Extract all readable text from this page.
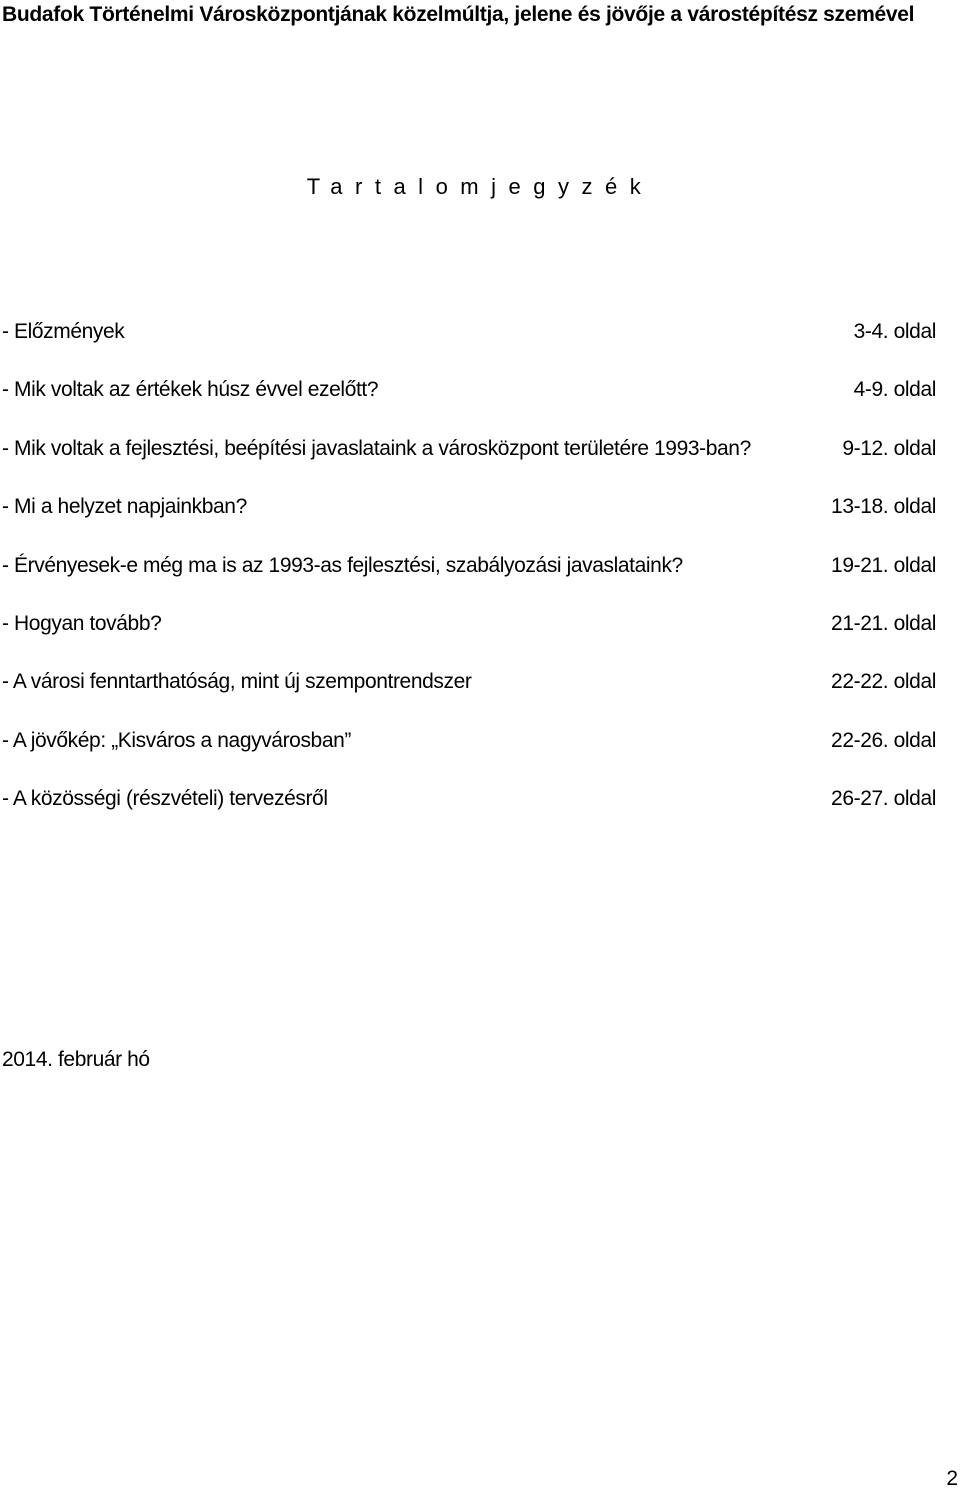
Budafok Történelmi Városközpontjának közelmúltja, jelene és jövője a várostépítész szemével
Tartalomjegyzék
- Előzmények	3-4. oldal
- Mik voltak az értékek húsz évvel ezelőtt?	4-9. oldal
- Mik voltak a fejlesztési, beépítési javaslataink a városközpont területére 1993-ban?	9-12. oldal
- Mi a helyzet napjainkban?	13-18. oldal
- Érvényesek-e még ma is az 1993-as fejlesztési, szabályozási javaslataink?	19-21. oldal
- Hogyan tovább?	21-21. oldal
- A városi fenntarthatóság, mint új szempontrendszer	22-22. oldal
- A jövőkép: „Kisváros a nagyvárosban”	22-26. oldal
- A közösségi (részvételi) tervezésről	26-27. oldal
2014. február hó
2
